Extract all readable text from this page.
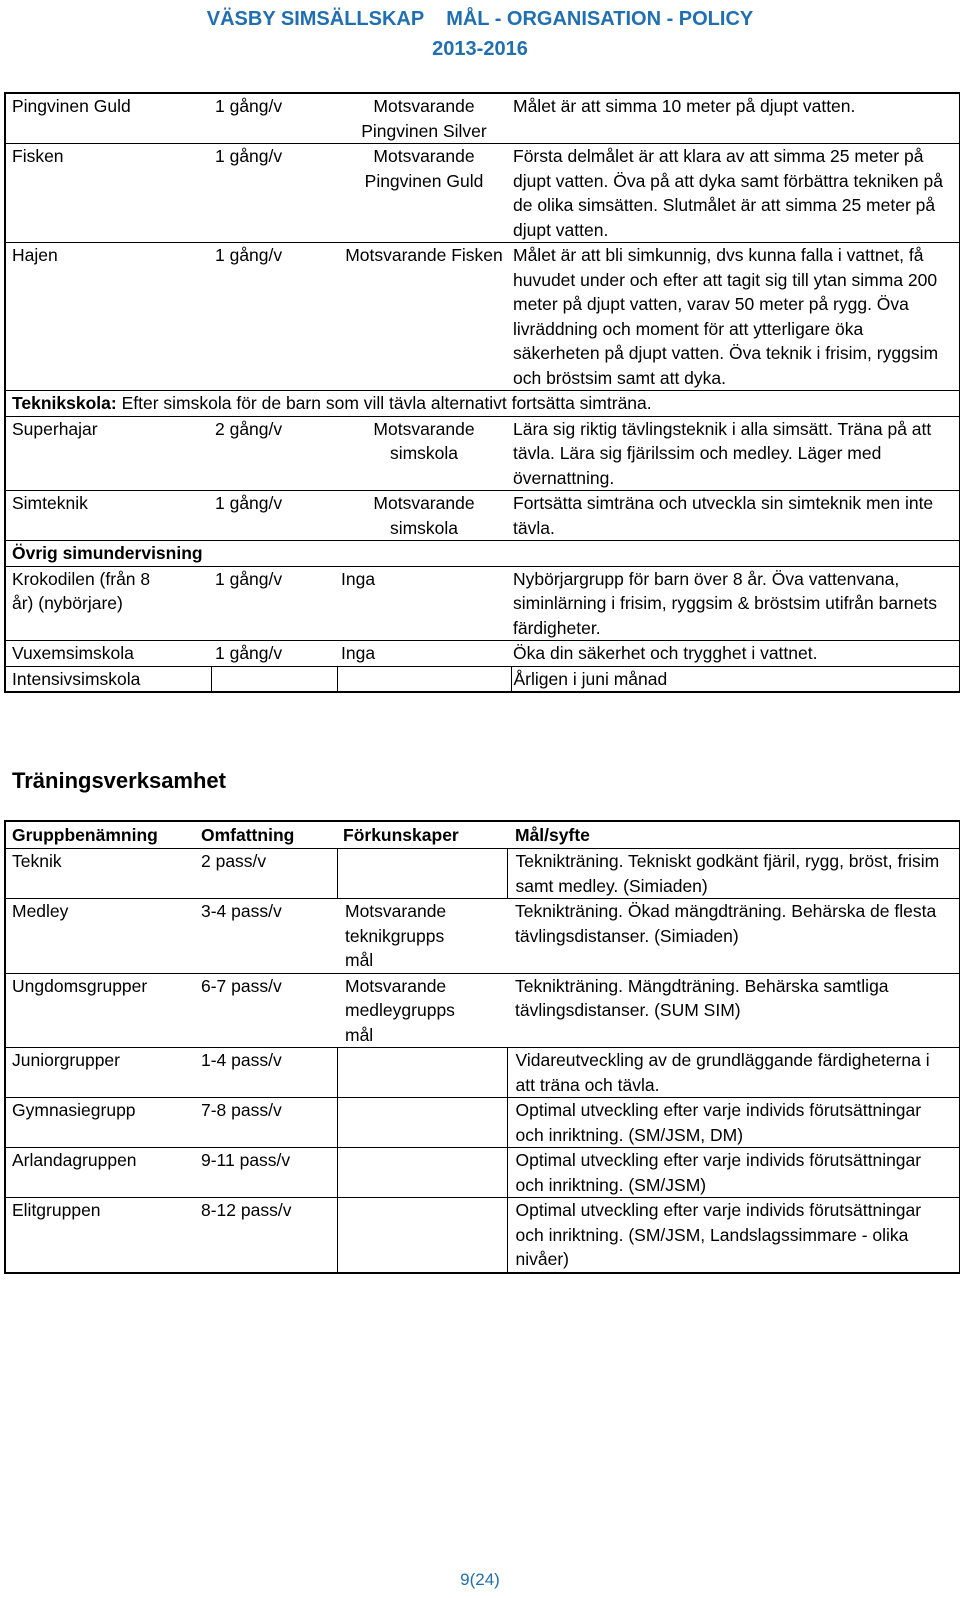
VÄSBY SIMSÄLLSKAP MÅL - ORGANISATION - POLICY
2013-2016
Pingvinen Guld	1 gång/v	Motsvarande Pingvinen Silver	Målet är att simma 10 meter på djupt vatten.
Fisken	1 gång/v	Motsvarande Pingvinen Guld	Första delmålet är att klara av att simma 25 meter på djupt vatten. Öva på att dyka samt förbättra tekniken på de olika simsätten. Slutmålet är att simma 25 meter på djupt vatten.
Hajen	1 gång/v	Motsvarande Fisken	Målet är att bli simkunnig, dvs kunna falla i vattnet, få huvudet under och efter att tagit sig till ytan simma 200 meter på djupt vatten, varav 50 meter på rygg. Öva livräddning och moment för att ytterligare öka säkerheten på djupt vatten. Öva teknik i frisim, ryggsim och bröstsim samt att dyka.
Teknikskola: Efter simskola för de barn som vill tävla alternativt fortsätta simträna.			
Superhajar	2 gång/v	Motsvarande simskola	Lära sig riktig tävlingsteknik i alla simsätt. Träna på att tävla. Lära sig fjärilssim och medley. Läger med övernattning.
Simteknik	1 gång/v	Motsvarande simskola	Fortsätta simträna och utveckla sin simteknik men inte tävla.
Övrig simundervisning			
Krokodilen (från 8 år) (nybörjare)	1 gång/v	Inga	Nybörjargrupp för barn över 8 år. Öva vattenvana, siminlärning i frisim, ryggsim & bröstsim utifrån barnets färdigheter.
Vuxemsimskola	1 gång/v	Inga	Öka din säkerhet och trygghet i vattnet.
Intensivsimskola			Årligen i juni månad
Träningsverksamhet
Gruppbenämning	Omfattning	Förkunskaper	Mål/syfte
Teknik	2 pass/v		Teknikträning. Tekniskt godkänt fjäril, rygg, bröst, frisim samt medley. (Simiaden)
Medley	3-4 pass/v	Motsvarande teknikgrupps mål	Teknikträning. Ökad mängdträning. Behärska de flesta tävlingsdistanser. (Simiaden)
Ungdomsgrupper	6-7 pass/v	Motsvarande medleygrupps mål	Teknikträning. Mängdträning. Behärska samtliga tävlingsdistanser. (SUM SIM)
Juniorgrupper	1-4 pass/v		Vidareutveckling av de grundläggande färdigheterna i att träna och tävla.
Gymnasiegrupp	7-8 pass/v		Optimal utveckling efter varje individs förutsättningar och inriktning. (SM/JSM, DM)
Arlandagruppen	9-11 pass/v		Optimal utveckling efter varje individs förutsättningar och inriktning. (SM/JSM)
Elitgruppen	8-12 pass/v		Optimal utveckling efter varje individs förutsättningar och inriktning. (SM/JSM, Landslagssimmare - olika nivåer)
9(24)
